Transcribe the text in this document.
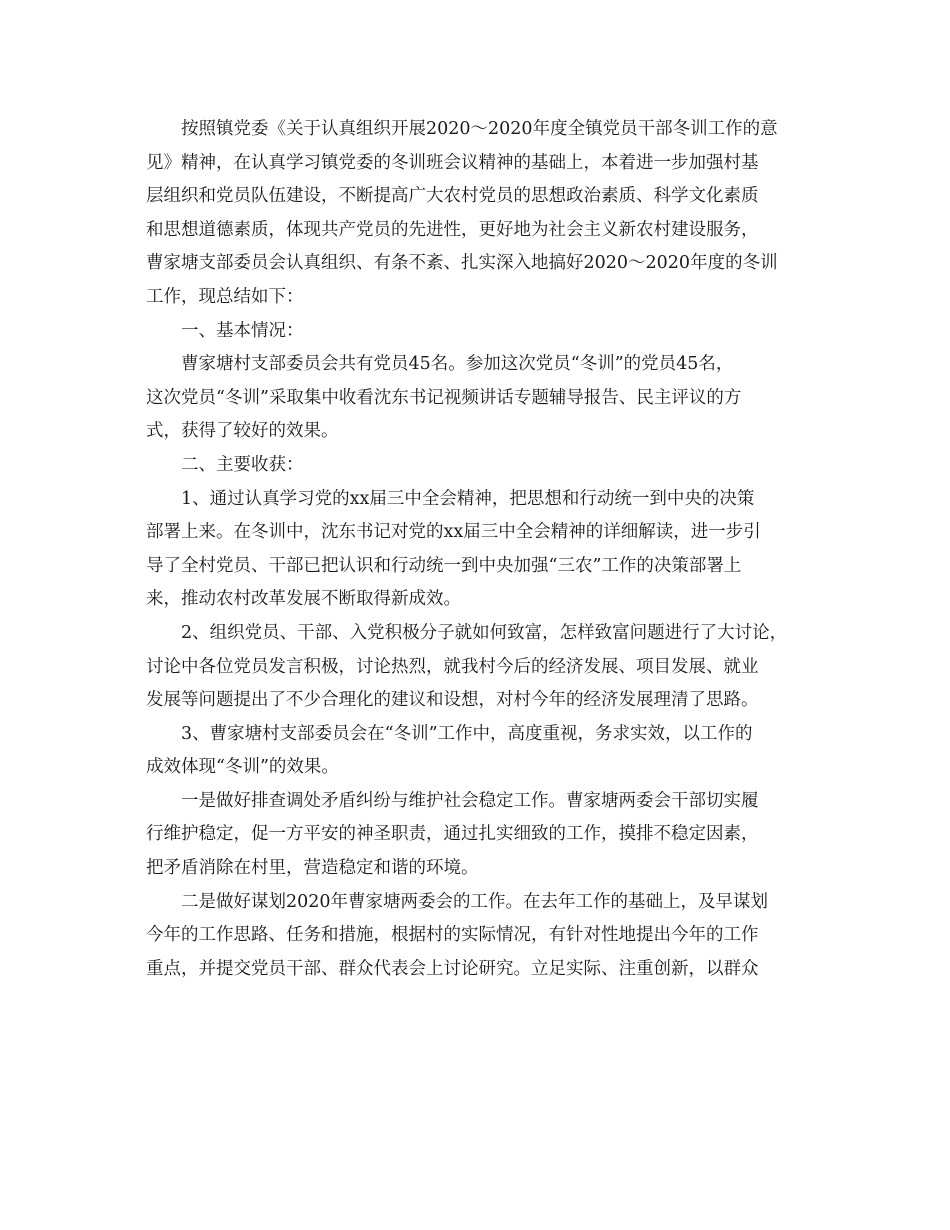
按照镇党委《关于认真组织开展2020～2020年度全镇党员干部冬训工作的意
见》精神，在认真学习镇党委的冬训班会议精神的基础上，本着进一步加强村基
层组织和党员队伍建设，不断提高广大农村党员的思想政治素质、科学文化素质
和思想道德素质，体现共产党员的先进性，更好地为社会主义新农村建设服务，
曹家塘支部委员会认真组织、有条不紊、扎实深入地搞好2020～2020年度的冬训
工作，现总结如下：
一、基本情况：
曹家塘村支部委员会共有党员45名。参加这次党员“冬训”的党员45名，
这次党员“冬训”采取集中收看沈东书记视频讲话专题辅导报告、民主评议的方
式，获得了较好的效果。
二、主要收获：
1、通过认真学习党的xx届三中全会精神，把思想和行动统一到中央的决策
部署上来。在冬训中，沈东书记对党的xx届三中全会精神的详细解读，进一步引
导了全村党员、干部已把认识和行动统一到中央加强“三农”工作的决策部署上
来，推动农村改革发展不断取得新成效。
2、组织党员、干部、入党积极分子就如何致富，怎样致富问题进行了大讨论，
讨论中各位党员发言积极，讨论热烈，就我村今后的经济发展、项目发展、就业
发展等问题提出了不少合理化的建议和设想，对村今年的经济发展理清了思路。
3、曹家塘村支部委员会在“冬训”工作中，高度重视，务求实效，以工作的
成效体现“冬训”的效果。
一是做好排查调处矛盾纠纷与维护社会稳定工作。曹家塘两委会干部切实履
行维护稳定，促一方平安的神圣职责，通过扎实细致的工作，摸排不稳定因素，
把矛盾消除在村里，营造稳定和谐的环境。
二是做好谋划2020年曹家塘两委会的工作。在去年工作的基础上，及早谋划
今年的工作思路、任务和措施，根据村的实际情况，有针对性地提出今年的工作
重点，并提交党员干部、群众代表会上讨论研究。立足实际、注重创新，以群众
